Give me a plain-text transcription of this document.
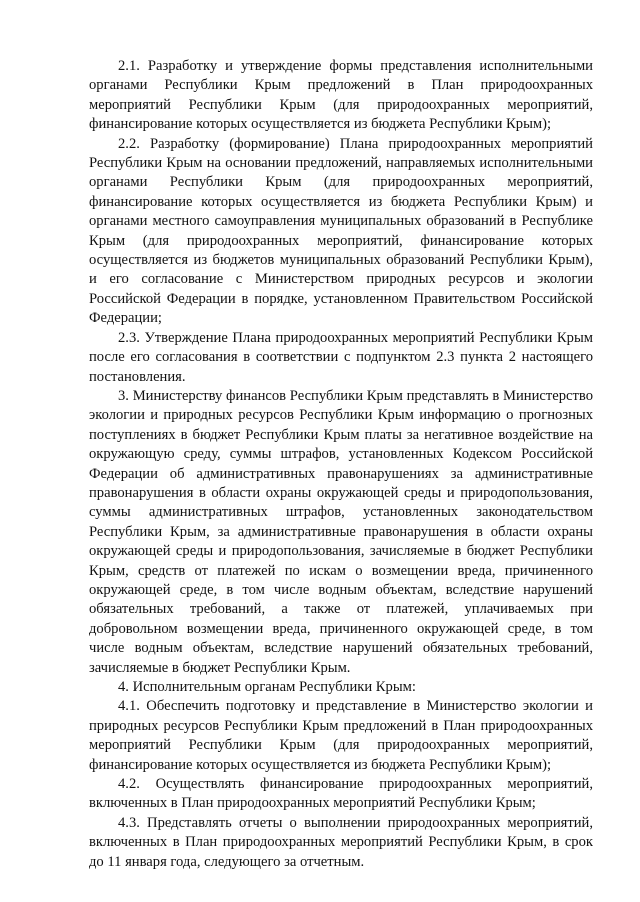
2.1. Разработку и утверждение формы представления исполнительными органами Республики Крым предложений в План природоохранных мероприятий Республики Крым (для природоохранных мероприятий, финансирование которых осуществляется из бюджета Республики Крым);

2.2. Разработку (формирование) Плана природоохранных мероприятий Республики Крым на основании предложений, направляемых исполнительными органами Республики Крым (для природоохранных мероприятий, финансирование которых осуществляется из бюджета Республики Крым) и органами местного самоуправления муниципальных образований в Республике Крым (для природоохранных мероприятий, финансирование которых осуществляется из бюджетов муниципальных образований Республики Крым), и его согласование с Министерством природных ресурсов и экологии Российской Федерации в порядке, установленном Правительством Российской Федерации;

2.3. Утверждение Плана природоохранных мероприятий Республики Крым после его согласования в соответствии с подпунктом 2.3 пункта 2 настоящего постановления.

3. Министерству финансов Республики Крым представлять в Министерство экологии и природных ресурсов Республики Крым информацию о прогнозных поступлениях в бюджет Республики Крым платы за негативное воздействие на окружающую среду, суммы штрафов, установленных Кодексом Российской Федерации об административных правонарушениях за административные правонарушения в области охраны окружающей среды и природопользования, суммы административных штрафов, установленных законодательством Республики Крым, за административные правонарушения в области охраны окружающей среды и природопользования, зачисляемые в бюджет Республики Крым, средств от платежей по искам о возмещении вреда, причиненного окружающей среде, в том числе водным объектам, вследствие нарушений обязательных требований, а также от платежей, уплачиваемых при добровольном возмещении вреда, причиненного окружающей среде, в том числе водным объектам, вследствие нарушений обязательных требований, зачисляемые в бюджет Республики Крым.

4. Исполнительным органам Республики Крым:

4.1. Обеспечить подготовку и представление в Министерство экологии и природных ресурсов Республики Крым предложений в План природоохранных мероприятий Республики Крым (для природоохранных мероприятий, финансирование которых осуществляется из бюджета Республики Крым);

4.2. Осуществлять финансирование природоохранных мероприятий, включенных в План природоохранных мероприятий Республики Крым;

4.3. Представлять отчеты о выполнении природоохранных мероприятий, включенных в План природоохранных мероприятий Республики Крым, в срок до 11 января года, следующего за отчетным.
